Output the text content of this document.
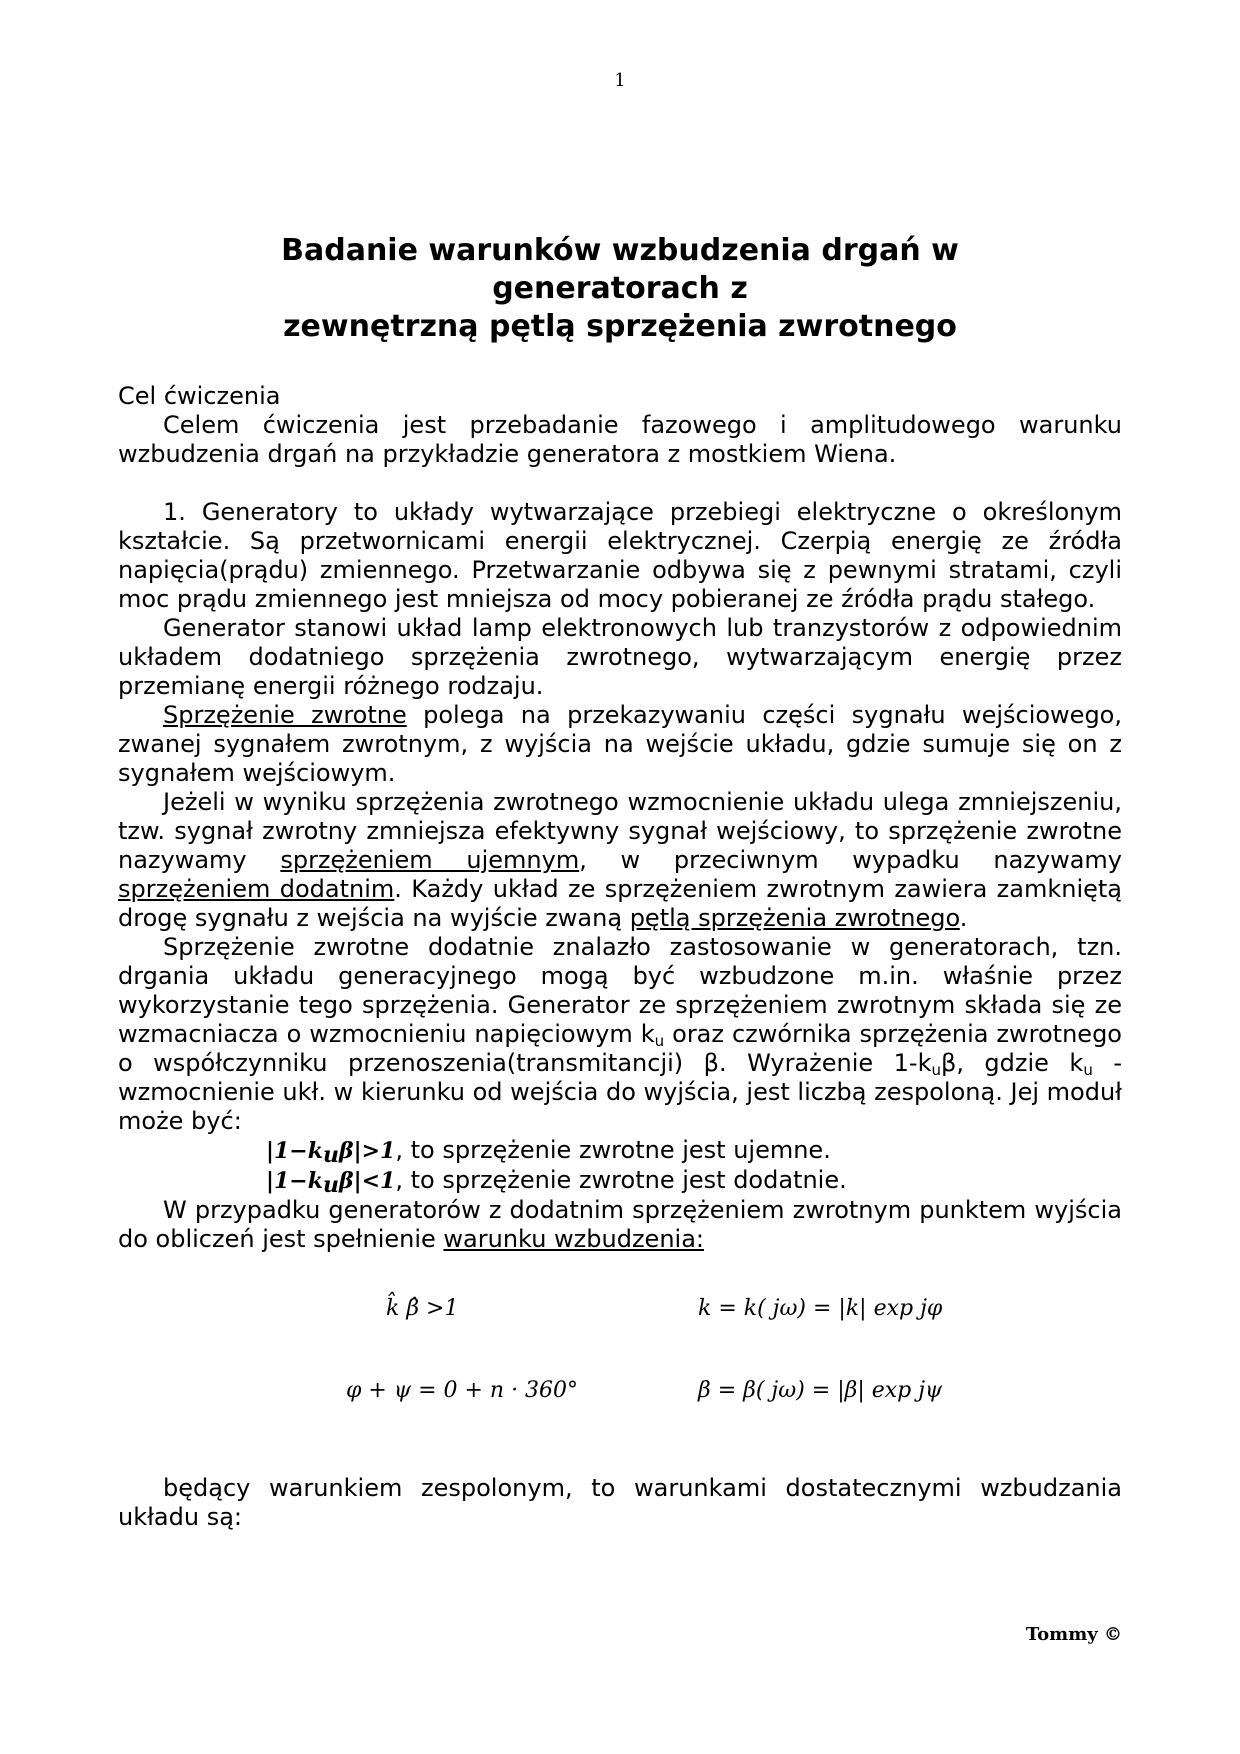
1
Badanie warunków wzbudzenia drgań w
generatorach z
zewnętrzną pętlą sprzężenia zwrotnego

Cel ćwiczenia

Celem ćwiczenia jest przebadanie fazowego i amplitudowego warunku wzbudzenia drgań na przykładzie generatora z mostkiem Wiena.

1. Generatory to układy wytwarzające przebiegi elektryczne o określonym kształcie. Są przetwornicami energii elektrycznej. Czerpią energię ze źródła napięcia(prądu) zmiennego. Przetwarzanie odbywa się z pewnymi stratami, czyli moc prądu zmiennego jest mniejsza od mocy pobieranej ze źródła prądu stałego.

Generator stanowi układ lamp elektronowych lub tranzystorów z odpowiednim układem dodatniego sprzężenia zwrotnego, wytwarzającym energię przez przemianę energii różnego rodzaju.

Sprzężenie zwrotne polega na przekazywaniu części sygnału wejściowego, zwanej sygnałem zwrotnym, z wyjścia na wejście układu, gdzie sumuje się on z sygnałem wejściowym.

Jeżeli w wyniku sprzężenia zwrotnego wzmocnienie układu ulega zmniejszeniu, tzw. sygnał zwrotny zmniejsza efektywny sygnał wejściowy, to sprzężenie zwrotne nazywamy sprzężeniem ujemnym, w przeciwnym wypadku nazywamy sprzężeniem dodatnim. Każdy układ ze sprzężeniem zwrotnym zawiera zamkniętą drogę sygnału z wejścia na wyjście zwaną pętlą sprzężenia zwrotnego.

Sprzężenie zwrotne dodatnie znalazło zastosowanie w generatorach, tzn. drgania układu generacyjnego mogą być wzbudzone m.in. właśnie przez wykorzystanie tego sprzężenia. Generator ze sprzężeniem zwrotnym składa się ze wzmacniacza o wzmocnieniu napięciowym $k_u$ oraz czwórnika sprzężenia zwrotnego o współczynniku przenoszenia(transmitancji) β. Wyrażenie $1-k_u\beta$, gdzie $k_u$ - wzmocnienie ukł. w kierunku od wejścia do wyjścia, jest liczbą zespoloną. Jej moduł może być:

|1−kuβ|>1, to sprzężenie zwrotne jest ujemne.

|1−kuβ|<1, to sprzężenie zwrotne jest dodatnie.

W przypadku generatorów z dodatnim sprzężeniem zwrotnym punktem wyjścia do obliczeń jest spełnienie warunku wzbudzenia:

k̂ β̂ >1	k = k( jω) = |k| exp jφ
φ + ψ = 0 + n · 360°	β = β( jω) = |β| exp jψ

będący warunkiem zespolonym, to warunkami dostatecznymi wzbudzania układu są:

Tommy ©
